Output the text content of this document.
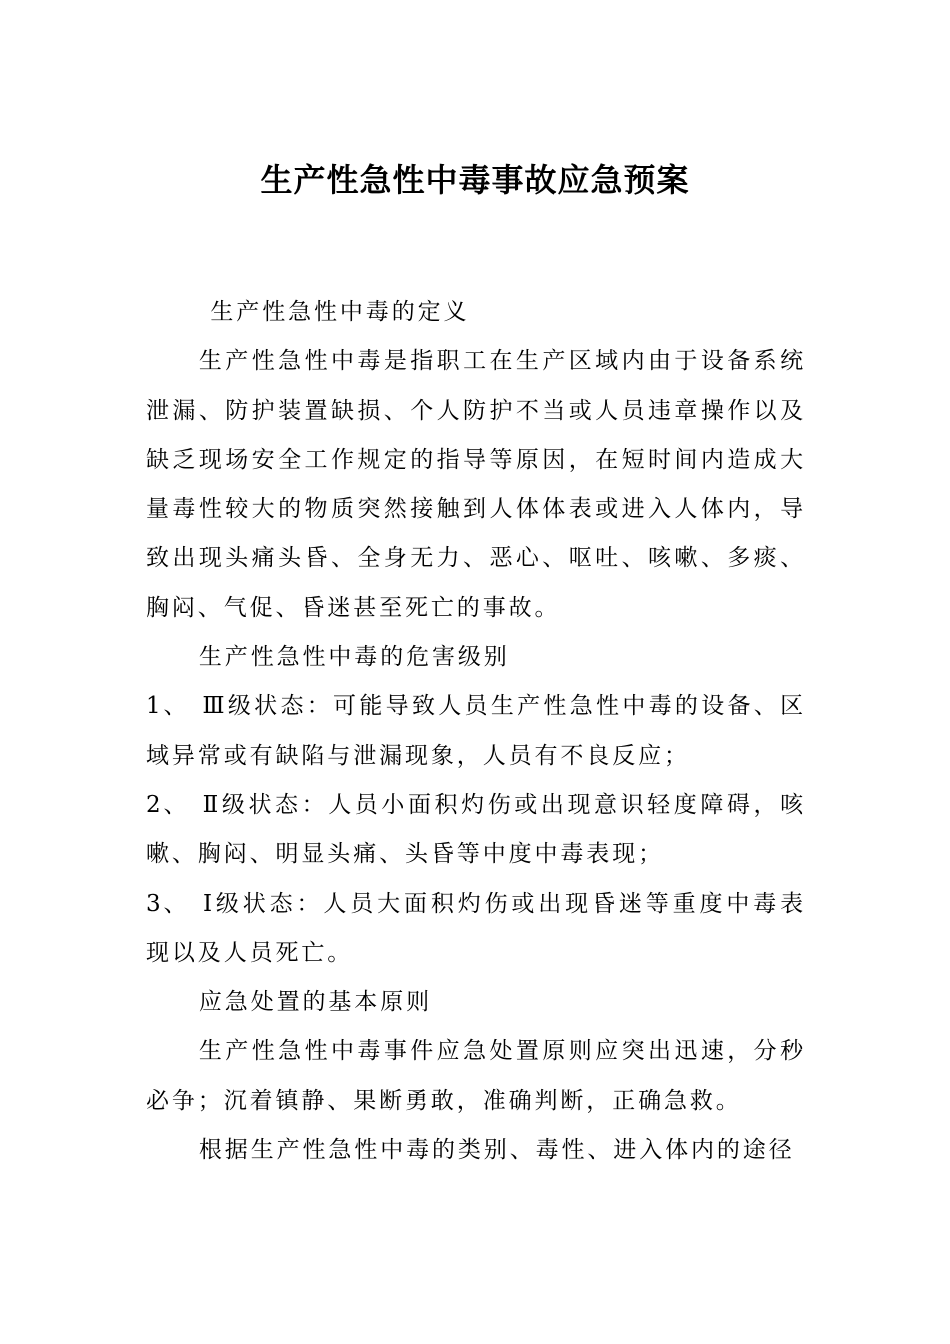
生产性急性中毒事故应急预案

生产性急性中毒的定义

生产性急性中毒是指职工在生产区域内由于设备系统泄漏、防护装置缺损、个人防护不当或人员违章操作以及缺乏现场安全工作规定的指导等原因，在短时间内造成大量毒性较大的物质突然接触到人体体表或进入人体内，导致出现头痛头昏、全身无力、恶心、呕吐、咳嗽、多痰、胸闷、气促、昏迷甚至死亡的事故。

生产性急性中毒的危害级别

1、 Ⅲ级状态：可能导致人员生产性急性中毒的设备、区域异常或有缺陷与泄漏现象，人员有不良反应；

2、 Ⅱ级状态：人员小面积灼伤或出现意识轻度障碍，咳嗽、胸闷、明显头痛、头昏等中度中毒表现；

3、 Ⅰ级状态：人员大面积灼伤或出现昏迷等重度中毒表现以及人员死亡。

应急处置的基本原则

生产性急性中毒事件应急处置原则应突出迅速，分秒必争；沉着镇静、果断勇敢，准确判断，正确急救。

根据生产性急性中毒的类别、毒性、进入体内的途径
